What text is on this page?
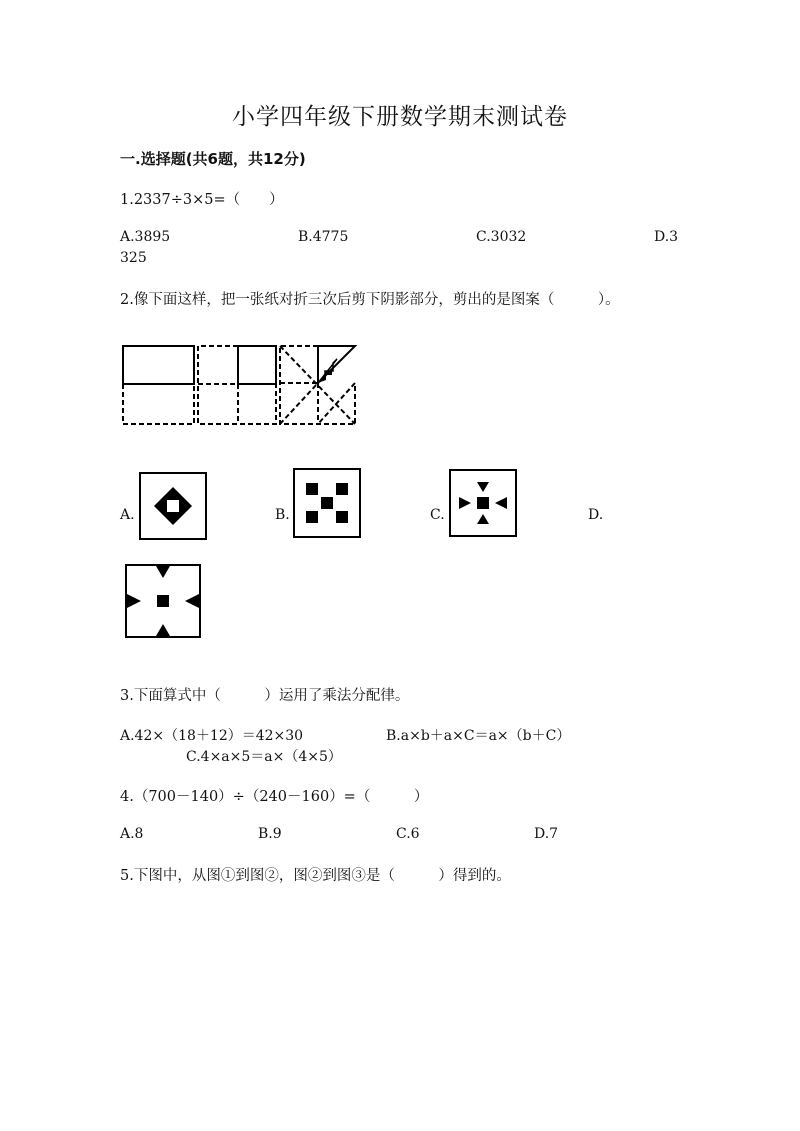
小学四年级下册数学期末测试卷
一.选择题(共6题，共12分)
1.2337÷3×5=（　　）
A.3895	B.4775	C.3032	D.3
325
2.像下面这样，把一张纸对折三次后剪下阴影部分，剪出的是图案（　　　）。
A.	B.	C.	D.
3.下面算式中（　　　）运用了乘法分配律。
A.42×（18＋12）＝42×30	B.a×b＋a×C＝a×（b＋C）
C.4×a×5＝a×（4×5）
4.（700－140）÷（240－160）=（　　　）
A.8	B.9	C.6	D.7
5.下图中，从图①到图②，图②到图③是（　　　）得到的。
